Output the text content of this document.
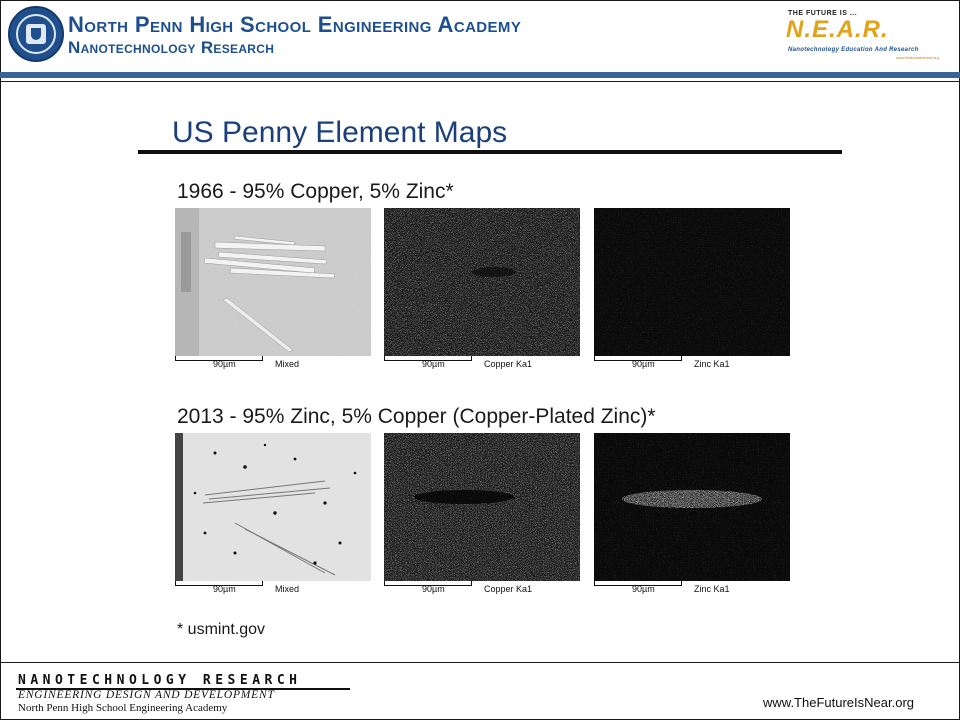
North Penn High School Engineering Academy
Nanotechnology Research
THE FUTURE IS ...
N.E.A.R.
Nanotechnology Education And Research
www.thefutureisnear.org
US Penny Element Maps
1966 - 95% Copper, 5% Zinc*
90µm	Mixed	90µm	Copper Ka1	90µm	Zinc Ka1
2013 - 95% Zinc, 5% Copper (Copper-Plated Zinc)*
90µm	Mixed	90µm	Copper Ka1	90µm	Zinc Ka1
* usmint.gov
NANOTECHNOLOGY RESEARCH
ENGINEERING DESIGN AND DEVELOPMENT
North Penn High School Engineering Academy	www.TheFutureIsNear.org
